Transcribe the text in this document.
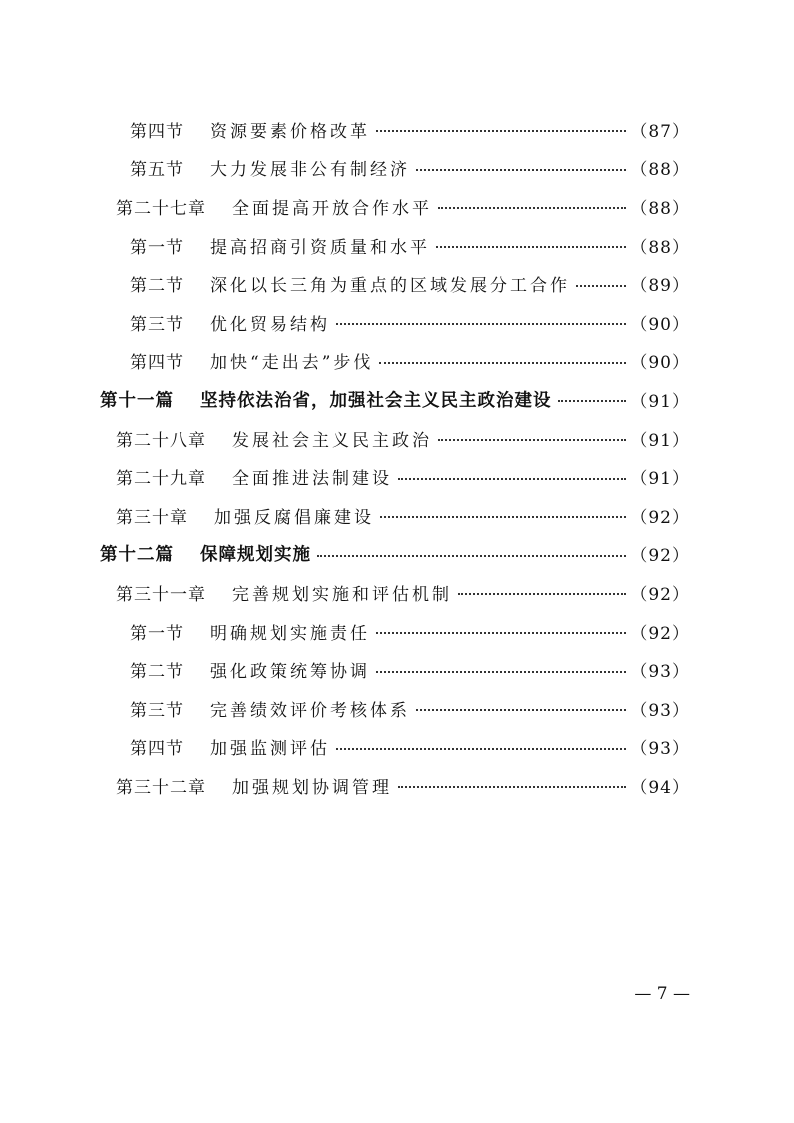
第四节 资源要素价格改革	（87）
第五节 大力发展非公有制经济	（88）
第二十七章 全面提高开放合作水平	（88）
第一节 提高招商引资质量和水平	（88）
第二节 深化以长三角为重点的区域发展分工合作	（89）
第三节 优化贸易结构	（90）
第四节 加快“走出去”步伐	（90）
第十一篇 坚持依法治省，加强社会主义民主政治建设	（91）
第二十八章 发展社会主义民主政治	（91）
第二十九章 全面推进法制建设	（91）
第三十章 加强反腐倡廉建设	（92）
第十二篇 保障规划实施	（92）
第三十一章 完善规划实施和评估机制	（92）
第一节 明确规划实施责任	（92）
第二节 强化政策统筹协调	（93）
第三节 完善绩效评价考核体系	（93）
第四节 加强监测评估	（93）
第三十二章 加强规划协调管理	（94）
— 7 —
